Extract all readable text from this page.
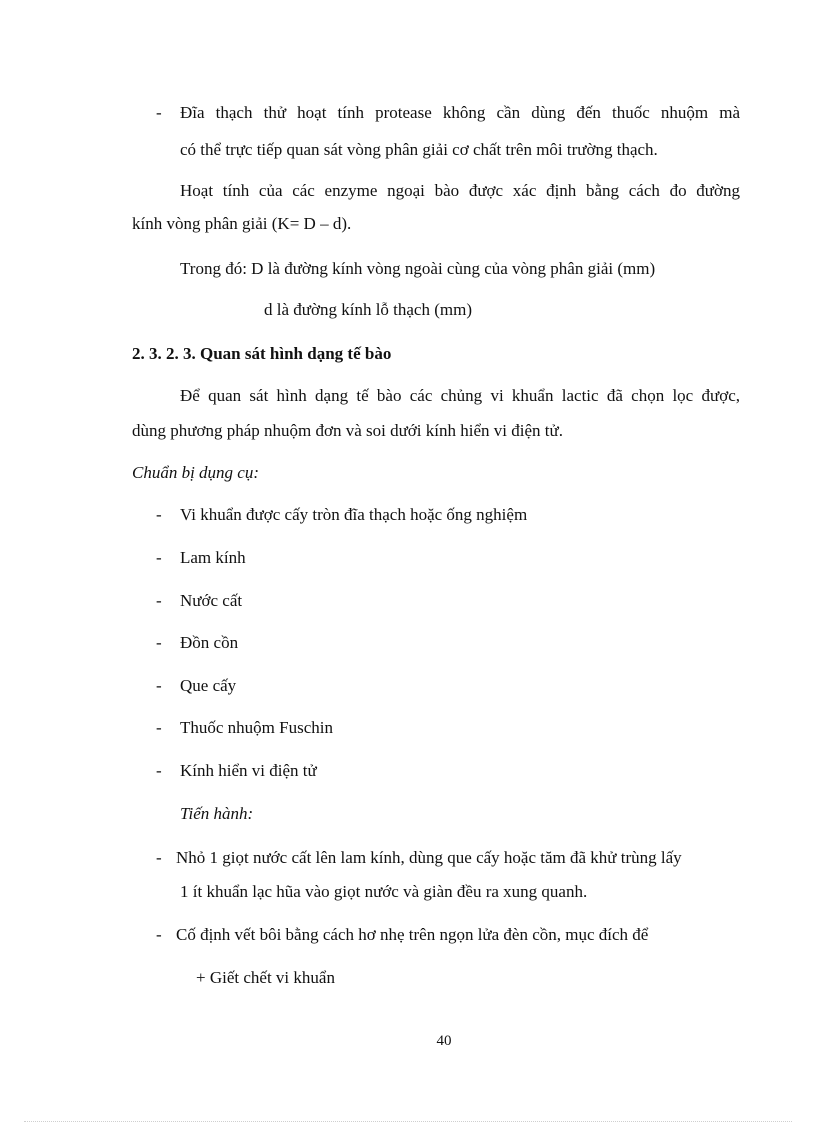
- Đĩa thạch thử hoạt tính protease không cần dùng đến thuốc nhuộm mà
có thể trực tiếp quan sát vòng phân giải cơ chất trên môi trường thạch.
Hoạt tính của các enzyme ngoại bào được xác định bằng cách đo đường
kính vòng phân giải (K= D – d).
Trong đó: D là đường kính vòng ngoài cùng của vòng phân giải (mm)
d là đường kính lỗ thạch (mm)
2. 3. 2. 3. Quan sát hình dạng tế bào
Để quan sát hình dạng tế bào các chủng vi khuẩn lactic đã chọn lọc được,
dùng phương pháp nhuộm đơn và soi dưới kính hiển vi điện tử.
Chuẩn bị dụng cụ:
- Vi khuẩn được cấy tròn đĩa thạch hoặc ống nghiệm
- Lam kính
- Nước cất
- Đồn cồn
- Que cấy
- Thuốc nhuộm Fuschin
- Kính hiển vi điện tử
Tiến hành:
- Nhỏ 1 giọt nước cất lên lam kính, dùng que cấy hoặc tăm đã khử trùng lấy
1 ít khuẩn lạc hũa vào giọt nước và giàn đều ra xung quanh.
- Cố định vết bôi bằng cách hơ nhẹ trên ngọn lửa đèn cồn, mục đích để
+ Giết chết vi khuẩn
40
